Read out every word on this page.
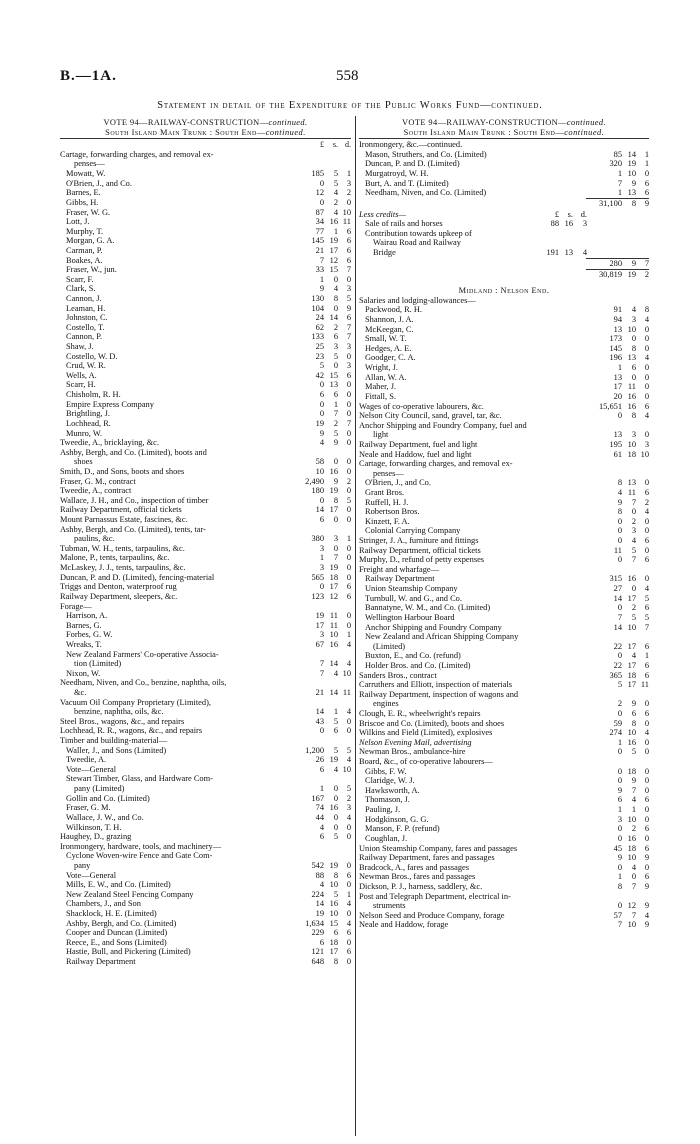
B.—1A.	558
Statement in detail of the Expenditure of the Public Works Fund—continued.
VOTE 94—RAILWAY-CONSTRUCTION—continued.
South Island Main Trunk : South End—continued.
£	s. d.
Cartage, forwarding charges, and removal ex-
penses—
Mowatt, W.	185	5	1
O'Brien, J., and Co.	0	5	3
Barnes, E.	12	4	2
Gibbs, H.	0	2	0
Fraser, W. G.	87	4 10
Lott, J.	34 16 11
Murphy, T.	77	1	6
Morgan, G. A.	145 19	6
Carman, P.	21 17	6
Boakes, A.	7 12	6
Fraser, W., jun.	33 15	7
Scarr, F.	1	0	0
Clark, S.	9	4	3
Cannon, J.	130	8	5
Leaman, H.	104	0	9
Johnston, C.	24 14	6
Costello, T.	62	2	7
Cannon, P.	133	6	7
Shaw, J.	25	3	3
Costello, W. D.	23	5	0
Crud, W. R.	5	0	3
Wells, A.	42 15	6
Scarr, H.	0 13	0
Chisholm, R. H.	6	6	0
Empire Express Company	0	1	0
Brightling, J.	0	7	0
Lochhead, R.	19	2	7
Munro, W.	9	5	0
Tweedie, A., bricklaying, &c.	4	9	0
Ashby, Bergh, and Co. (Limited), boots and
shoes	58	0	0
Smith, D., and Sons, boots and shoes	10 16	0
Fraser, G. M., contract	2,490	9	2
Tweedie, A., contract	180 19	0
Wallace, J. H., and Co., inspection of timber	0	8	5
Railway Department, official tickets	14 17	0
Mount Parnassus Estate, fascines, &c.	6	0	0
Ashby, Bergh, and Co. (Limited), tents, tar-
paulins, &c.	380	3	1
Tubman, W. H., tents, tarpaulins, &c.	3	0	0
Malone, P., tents, tarpaulins, &c.	1	7	0
McLaskey, J. J., tents, tarpaulins, &c.	3 19	0
Duncan, P. and D. (Limited), fencing-material	565 18	0
Triggs and Denton, waterproof rug	0 17	6
Railway Department, sleepers, &c.	123 12	6
Forage—
Harrison, A.	19 11	0
Barnes, G.	17 11	0
Forbes, G. W.	3 10	1
Wreaks, T.	67 16	4
New Zealand Farmers' Co-operative Associa-
tion (Limited)	7 14	4
Nixon, W.	7	4 10
Needham, Niven, and Co., benzine, naphtha, oils,
&c.	21 14 11
Vacuum Oil Company Proprietary (Limited),
benzine, naphtha, oils, &c.	14	1	4
Steel Bros., wagons, &c., and repairs	43	5	0
Lochhead, R. R., wagons, &c., and repairs	0	6	0
Timber and building-material—
Waller, J., and Sons (Limited)	1,200	5	5
Tweedie, A.	26 19	4
Vote—General	6	4 10
Stewart Timber, Glass, and Hardware Com-
pany (Limited)	1	0	5
Gollin and Co. (Limited)	167	0	2
Fraser, G. M.	74 16	3
Wallace, J. W., and Co.	44	0	4
Wilkinson, T. H.	4	0	0
Haughey, D., grazing	6	5	0
Ironmongery, hardware, tools, and machinery—
Cyclone Woven-wire Fence and Gate Com-
pany	542 19	0
Vote—General	88	8	6
Mills, E. W., and Co. (Limited)	4 10	0
New Zealand Steel Fencing Company	224	5	1
Chambers, J., and Son	14 16	4
Shacklock, H. E. (Limited)	19 10	0
Ashby, Bergh, and Co. (Limited)	1,634 15	4
Cooper and Duncan (Limited)	229	6	6
Reece, E., and Sons (Limited)	6 18	0
Hastie, Bull, and Pickering (Limited)	121 17	6
Railway Department	648	8	0
VOTE 94—RAILWAY-CONSTRUCTION—continued.
South Island Main Trunk : South End—continued.
Ironmongery, &c.—continued.
Mason, Struthers, and Co. (Limited)	85 14	1
Duncan, P. and D. (Limited)	320 19	1
Murgatroyd, W. H.	1 10	0
Burt, A. and T. (Limited)	7	9	6
Needham, Niven, and Co. (Limited)	1 13	6
31,100	8	9
Less credits—	£	s. d.
Sale of rails and horses	88 16	3
Contribution towards upkeep of
Wairau Road and Railway
Bridge	191 13	4
280	9	7
30,819 19	2
Midland : Nelson End.
Salaries and lodging-allowances—
Packwood, R. H.	91	4	8
Shannon, J. A.	94	3	4
McKeegan, C.	13 10	0
Small, W. T.	173	0	0
Hedges, A. E.	145	8	0
Goodger, C. A.	196 13	4
Wright, J.	1	6	0
Allan, W. A.	13	0	0
Maher, J.	17 11	0
Fittall, S.	20 16	0
Wages of co-operative labourers, &c.	15,651 16	6
Nelson City Council, sand, gravel, tar, &c.	0	8	4
Anchor Shipping and Foundry Company, fuel and
light	13	3	0
Railway Department, fuel and light	195 10	3
Neale and Haddow, fuel and light	61 18 10
Cartage, forwarding charges, and removal ex-
penses—
O'Brien, J., and Co.	8 13	0
Grant Bros.	4 11	6
Ruffell, H. J.	9	7	2
Robertson Bros.	8	0	4
Kinzett, F. A.	0	2	0
Colonial Carrying Company	0	3	0
Stringer, J. A., furniture and fittings	0	4	6
Railway Department, official tickets	11	5	0
Murphy, D., refund of petty expenses	0	7	6
Freight and wharfage—
Railway Department	315 16	0
Union Steamship Company	27	0	4
Turnbull, W. and G., and Co.	14 17	5
Bannatyne, W. M., and Co. (Limited)	0	2	6
Wellington Harbour Board	7	5	5
Anchor Shipping and Foundry Company	14 10	7
New Zealand and African Shipping Company
(Limited)	22 17	6
Buxton, E., and Co. (refund)	0	4	1
Holder Bros. and Co. (Limited)	22 17	6
Sanders Bros., contract	365 18	6
Carruthers and Elliott, inspection of materials	5 17 11
Railway Department, inspection of wagons and
engines	2	9	0
Clough, E. R., wheelwright's repairs	0	6	6
Briscoe and Co. (Limited), boots and shoes	59	8	0
Wilkins and Field (Limited), explosives	274 10	4
Nelson Evening Mail, advertising	1 16	0
Newman Bros., ambulance-hire	0	5	0
Board, &c., of co-operative labourers—
Gibbs, F. W.	0 18	0
Claridge, W. J.	0	9	0
Hawksworth, A.	9	7	0
Thomason, J.	6	4	6
Pauling, J.	1	1	0
Hodgkinson, G. G.	3 10	0
Manson, F. P. (refund)	0	2	6
Coughlan, J.	0 16	0
Union Steamship Company, fares and passages	45 18	6
Railway Department, fares and passages	9 10	9
Bradcock, A., fares and passages	0	4	0
Newman Bros., fares and passages	1	0	6
Dickson, P. J., harness, saddlery, &c.	8	7	9
Post and Telegraph Department, electrical in-
struments	0 12	9
Nelson Seed and Produce Company, forage	57	7	4
Neale and Haddow, forage	7 10	9
